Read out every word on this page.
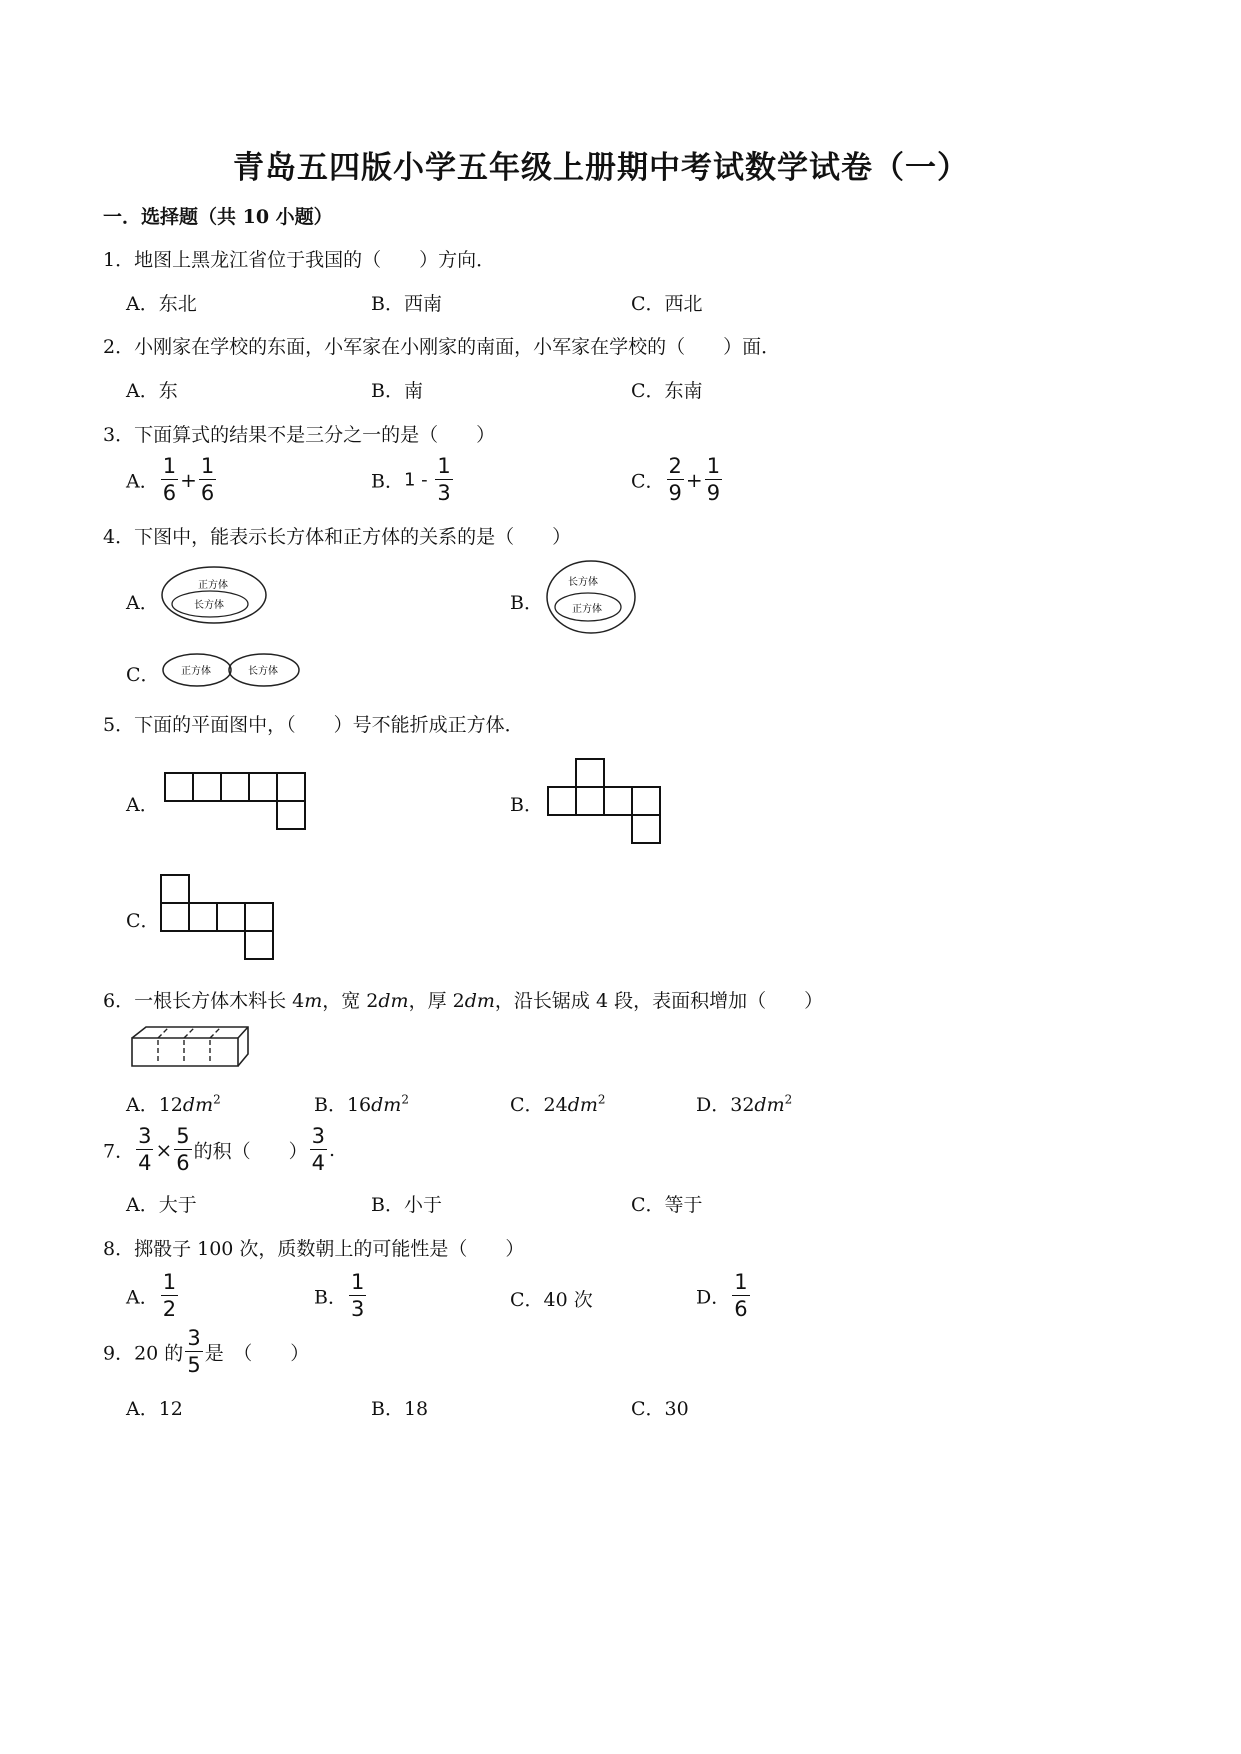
青岛五四版小学五年级上册期中考试数学试卷（一）
一．选择题（共 10 小题）
1．地图上黑龙江省位于我国的（　　）方向．
A．东北	B．西南	C．西北
2．小刚家在学校的东面，小军家在小刚家的南面，小军家在学校的（　　）面．
A．东	B．南	C．东南
3．下面算式的结果不是三分之一的是（　　）
A． $\frac{1}{6} + \frac{1}{6}$	B．$1 - \frac{1}{3}$	C． $\frac{2}{9} + \frac{1}{9}$
4．下图中，能表示长方体和正方体的关系的是（　　）
A．
正方体
长方体	B．
长方体
正方体
C． 正方体	长方体
5．下面的平面图中，（　　）号不能折成正方体．
A．	B．
C．
6．一根长方体木料长 4m，宽 2dm，厚 2dm，沿长锯成 4 段，表面积增加（　　）
A．$12dm^2$	B．$16dm^2$	C．$24dm^2$	D．$32dm^2$
7． $\frac{3}{4} \times \frac{5}{6}$ 的积（　　） $\frac{3}{4}$ .
A．大于	B．小于	C．等于
8．掷骰子 100 次，质数朝上的可能性是（　　）
A． $\frac{1}{2}$	B． $\frac{1}{3}$	C．40 次	D． $\frac{1}{6}$
9．20 的 $\frac{3}{5}$ 是　（　　）
A．12	B．18	C．30
